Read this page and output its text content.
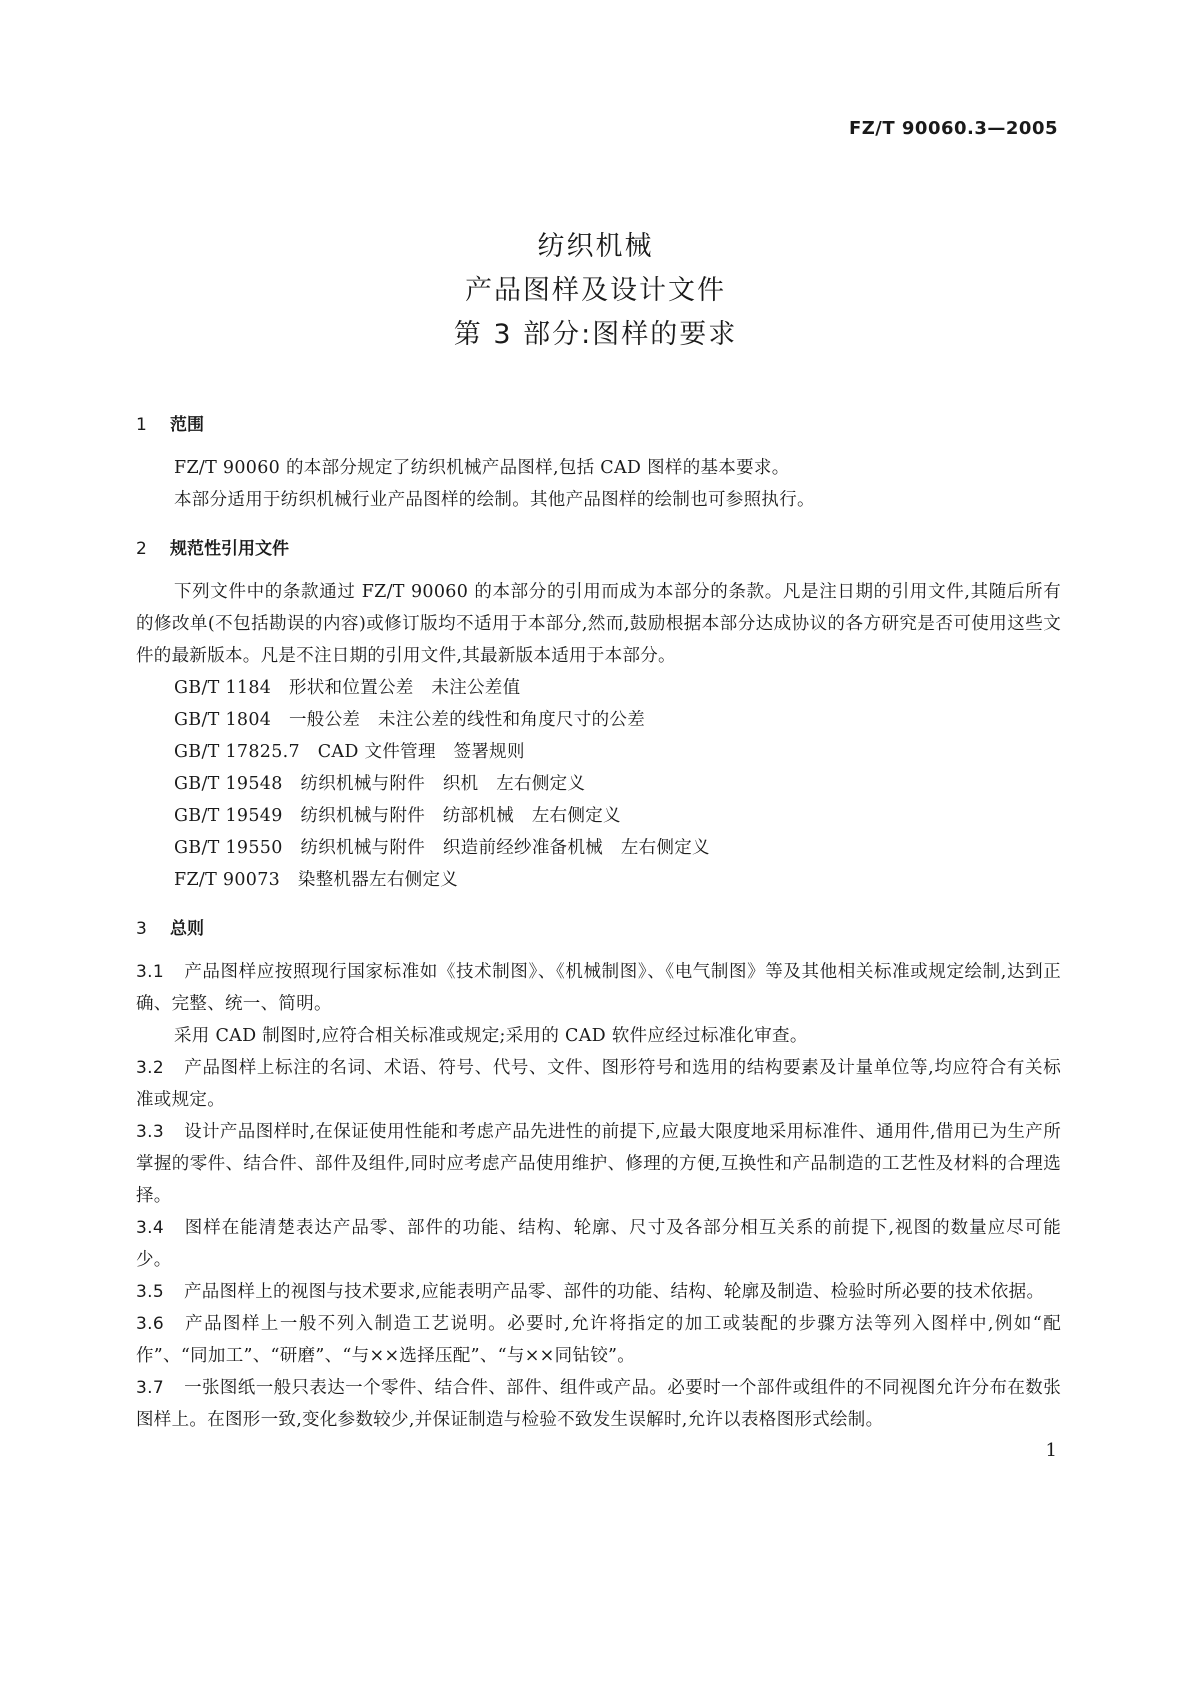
FZ/T 90060.3—2005
纺织机械
产品图样及设计文件
第 3 部分:图样的要求
1 范围
FZ/T 90060 的本部分规定了纺织机械产品图样,包括 CAD 图样的基本要求。
本部分适用于纺织机械行业产品图样的绘制。其他产品图样的绘制也可参照执行。
2 规范性引用文件
下列文件中的条款通过 FZ/T 90060 的本部分的引用而成为本部分的条款。凡是注日期的引用文件,其随后所有的修改单(不包括勘误的内容)或修订版均不适用于本部分,然而,鼓励根据本部分达成协议的各方研究是否可使用这些文件的最新版本。凡是不注日期的引用文件,其最新版本适用于本部分。
GB/T 1184　形状和位置公差　未注公差值
GB/T 1804　一般公差　未注公差的线性和角度尺寸的公差
GB/T 17825.7　CAD 文件管理　签署规则
GB/T 19548　纺织机械与附件　织机　左右侧定义
GB/T 19549　纺织机械与附件　纺部机械　左右侧定义
GB/T 19550　纺织机械与附件　织造前经纱准备机械　左右侧定义
FZ/T 90073　染整机器左右侧定义
3 总则
3.1 产品图样应按照现行国家标准如《技术制图》、《机械制图》、《电气制图》等及其他相关标准或规定绘制,达到正确、完整、统一、简明。
采用 CAD 制图时,应符合相关标准或规定;采用的 CAD 软件应经过标准化审查。
3.2 产品图样上标注的名词、术语、符号、代号、文件、图形符号和选用的结构要素及计量单位等,均应符合有关标准或规定。
3.3 设计产品图样时,在保证使用性能和考虑产品先进性的前提下,应最大限度地采用标准件、通用件,借用已为生产所掌握的零件、结合件、部件及组件,同时应考虑产品使用维护、修理的方便,互换性和产品制造的工艺性及材料的合理选择。
3.4 图样在能清楚表达产品零、部件的功能、结构、轮廓、尺寸及各部分相互关系的前提下,视图的数量应尽可能少。
3.5 产品图样上的视图与技术要求,应能表明产品零、部件的功能、结构、轮廓及制造、检验时所必要的技术依据。
3.6 产品图样上一般不列入制造工艺说明。必要时,允许将指定的加工或装配的步骤方法等列入图样中,例如“配作”、“同加工”、“研磨”、“与××选择压配”、“与××同钻铰”。
3.7 一张图纸一般只表达一个零件、结合件、部件、组件或产品。必要时一个部件或组件的不同视图允许分布在数张图样上。在图形一致,变化参数较少,并保证制造与检验不致发生误解时,允许以表格图形式绘制。
1
